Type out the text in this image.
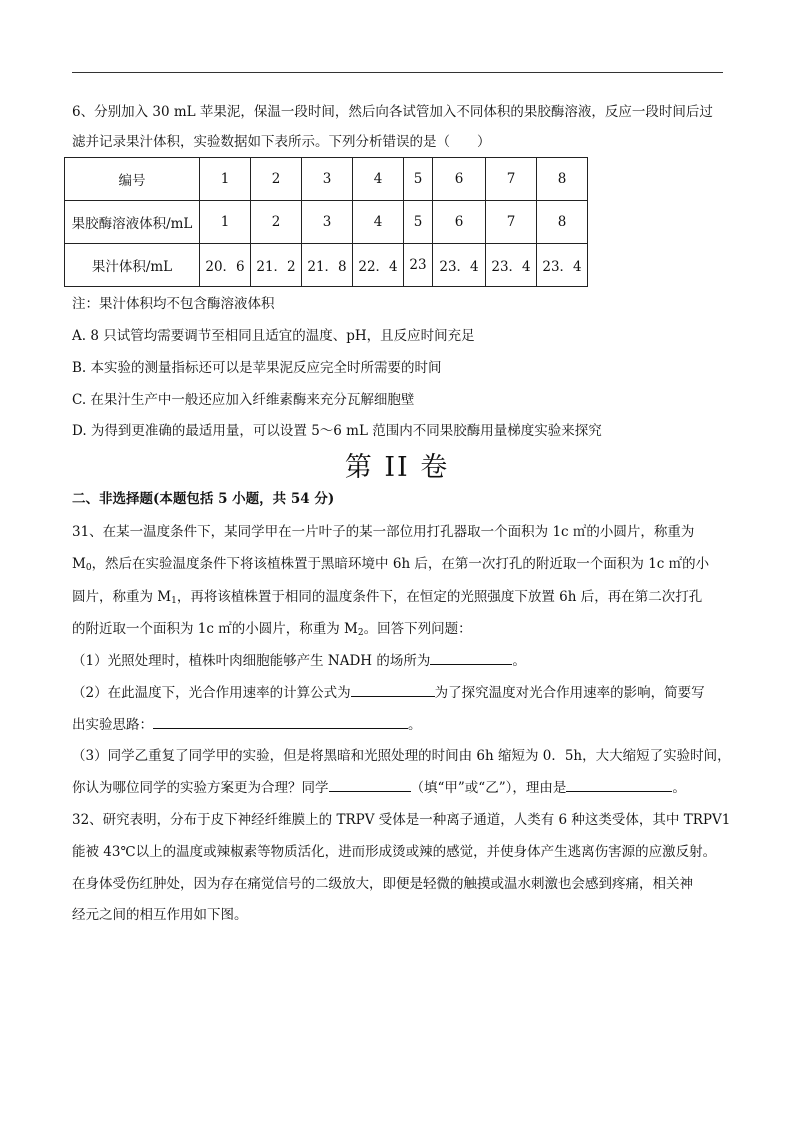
6、分别加入 30 mL 苹果泥，保温一段时间，然后向各试管加入不同体积的果胶酶溶液，反应一段时间后过
滤并记录果汁体积，实验数据如下表所示。下列分析错误的是（　　）
编号	1	2	3	4	5	6	7	8
果胶酶溶液体积/mL	1	2	3	4	5	6	7	8
果汁体积/mL	20．6	21．2	21．8	22．4	23	23．4	23．4	23．4
注：果汁体积均不包含酶溶液体积
A. 8 只试管均需要调节至相同且适宜的温度、pH，且反应时间充足
B. 本实验的测量指标还可以是苹果泥反应完全时所需要的时间
C. 在果汁生产中一般还应加入纤维素酶来充分瓦解细胞壁
D. 为得到更准确的最适用量，可以设置 5～6 mL 范围内不同果胶酶用量梯度实验来探究
第 II 卷
二、非选择题(本题包括 5 小题，共 54 分)
31、在某一温度条件下，某同学甲在一片叶子的某一部位用打孔器取一个面积为 1c ㎡的小圆片，称重为
$M_0$，然后在实验温度条件下将该植株置于黑暗环境中 6h 后，在第一次打孔的附近取一个面积为 1c ㎡的小
圆片，称重为 $M_1$，再将该植株置于相同的温度条件下，在恒定的光照强度下放置 6h 后，再在第二次打孔
的附近取一个面积为 1c ㎡的小圆片，称重为 $M_2$。回答下列问题：
（1）光照处理时，植株叶肉细胞能够产生 NADH 的场所为	。
（2）在此温度下，光合作用速率的计算公式为	为了探究温度对光合作用速率的影响，简要写
出实验思路：	。
（3）同学乙重复了同学甲的实验，但是将黑暗和光照处理的时间由 6h 缩短为 0．5h，大大缩短了实验时间，
你认为哪位同学的实验方案更为合理？同学	（填“甲”或“乙”），理由是	。
32、研究表明，分布于皮下神经纤维膜上的 TRPV 受体是一种离子通道，人类有 6 种这类受体，其中 TRPV1
能被 43℃以上的温度或辣椒素等物质活化，进而形成烫或辣的感觉，并使身体产生逃离伤害源的应激反射。
在身体受伤红肿处，因为存在痛觉信号的二级放大，即便是轻微的触摸或温水刺激也会感到疼痛，相关神
经元之间的相互作用如下图。
